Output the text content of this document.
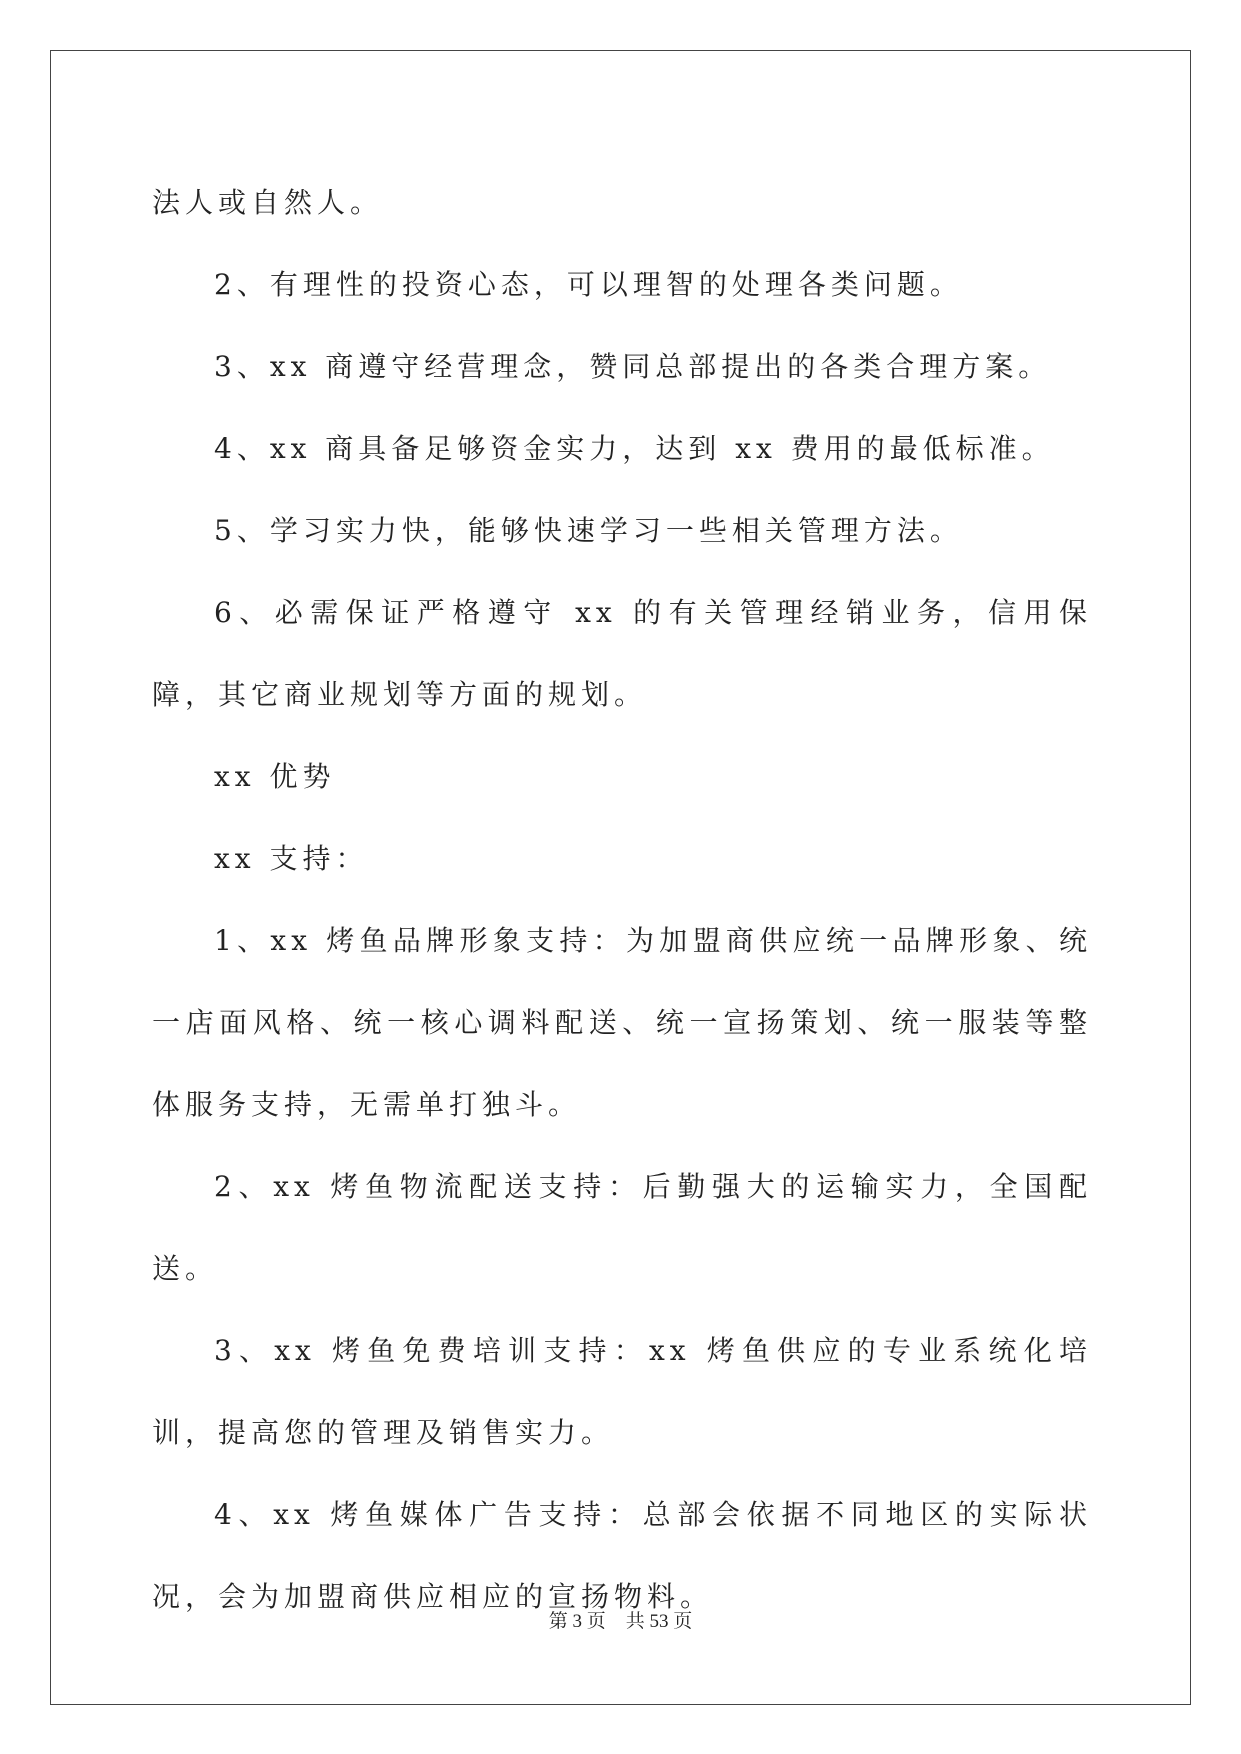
法人或自然人。

2、有理性的投资心态，可以理智的处理各类问题。

3、xx 商遵守经营理念，赞同总部提出的各类合理方案。

4、xx 商具备足够资金实力，达到 xx 费用的最低标准。

5、学习实力快，能够快速学习一些相关管理方法。

6、必需保证严格遵守 xx 的有关管理经销业务，信用保障，其它商业规划等方面的规划。

xx 优势

xx 支持：

1、xx 烤鱼品牌形象支持：为加盟商供应统一品牌形象、统一店面风格、统一核心调料配送、统一宣扬策划、统一服装等整体服务支持，无需单打独斗。

2、xx 烤鱼物流配送支持：后勤强大的运输实力，全国配送。

3、xx 烤鱼免费培训支持：xx 烤鱼供应的专业系统化培训，提高您的管理及销售实力。

4、xx 烤鱼媒体广告支持：总部会依据不同地区的实际状况，会为加盟商供应相应的宣扬物料。

第 3 页 共 53 页
